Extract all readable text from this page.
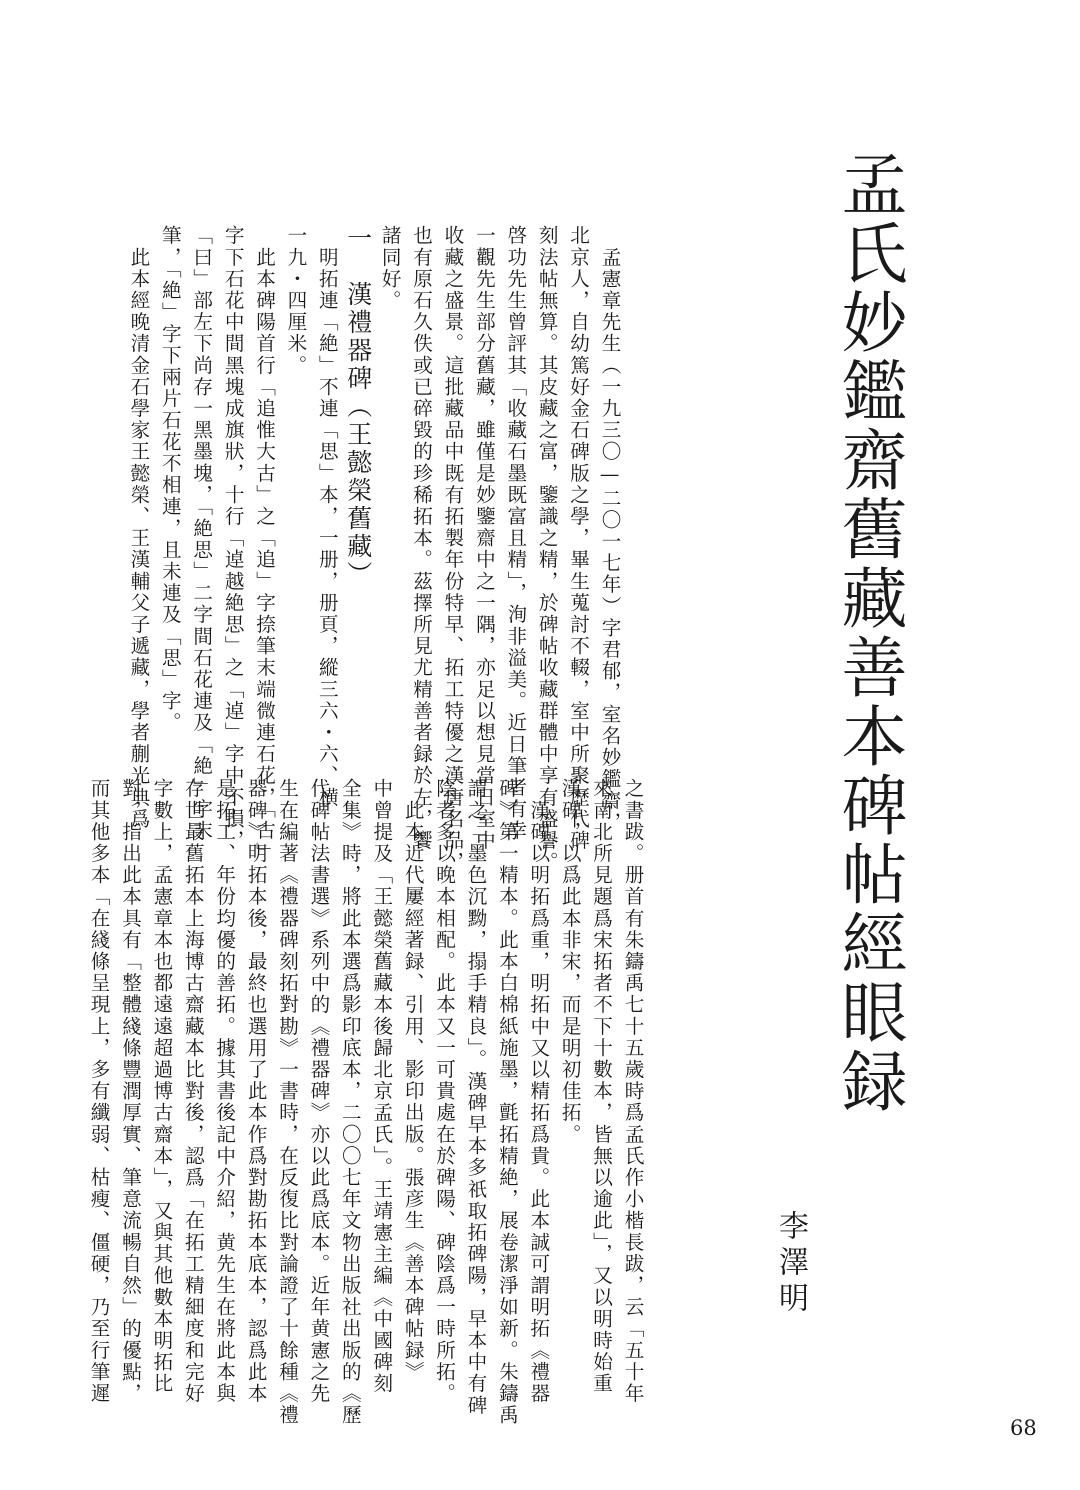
孟氏妙鑑齋舊藏善本碑帖經眼録
李澤明
　孟憲章先生（一九三〇—二〇一七年）字君郁，室名妙鑑齋，
北京人，自幼篤好金石碑版之學，畢生蒐討不輟，室中所聚歷代碑
刻法帖無算。其皮藏之富，鑒識之精，於碑帖收藏群體中享有盛譽。
啓功先生曾評其「收藏石墨既富且精」，洵非溢美。近日筆者有幸
一觀先生部分舊藏，雖僅是妙鑒齋中之一隅，亦足以想見當日室中
收藏之盛景。這批藏品中既有拓製年份特早、拓工特優之漢唐名品，
也有原石久佚或已碎毀的珍稀拓本。茲擇所見尤精善者録於左，饗
諸同好。
一　漢禮器碑（王懿榮舊藏）
　明拓連「絶」不連「思」本，一册，册頁，縱三六・六、横
一九・四厘米。
　此本碑陽首行「追惟大古」之「追」字捺筆末端微連石花，「古」
字下石花中間黑塊成旗狀，十行「逴越絶思」之「逴」字中不損，
「曰」部左下尚存一黑墨塊，「絶思」二字間石花連及「絶」字末
筆，「絶」字下兩片石花不相連，且未連及「思」字。
　此本經晚清金石學家王懿榮、王漢輔父子遞藏，學者蒯光典爲
之書跋。册首有朱鑄禹七十五歲時爲孟氏作小楷長跋，云「五十年
來南北所見題爲宋拓者不下十數本，皆無以逾此」，又以明時始重
漢碑，以爲此本非宋，而是明初佳拓。
　漢碑以明拓爲重，明拓中又以精拓爲貴。此本誠可謂明拓《禮器
碑》第一精本。此本白棉紙施墨，氈拓精絶，展卷潔淨如新。朱鑄禹
謂之「墨色沉黝，搨手精良」。漢碑早本多祇取拓碑陽，早本中有碑
陰者多以晚本相配。此本又一可貴處在於碑陽、碑陰爲一時所拓。
　此本近代屢經著録、引用、影印出版。張彦生《善本碑帖録》
中曾提及「王懿榮舊藏本後歸北京孟氏」。王靖憲主編《中國碑刻
全集》時，將此本選爲影印底本，二〇〇七年文物出版社出版的《歷
代碑帖法書選》系列中的《禮器碑》亦以此爲底本。近年黄憲之先
生在編著《禮器碑刻拓對勘》一書時，在反復比對論證了十餘種《禮
器碑》明拓本後，最終也選用了此本作爲對勘拓本底本，認爲此本
是拓工、年份均優的善拓。據其書後記中介紹，黄先生在將此本與
存世最舊拓本上海博古齋藏本比對後，認爲「在拓工精細度和完好
字數上，孟憲章本也都遠遠超過博古齋本」，又與其他數本明拓比
對，指出此本具有「整體綫條豐潤厚實、筆意流暢自然」的優點，
而其他多本「在綫條呈現上，多有纖弱、枯瘦、僵硬，乃至行筆遲
68
